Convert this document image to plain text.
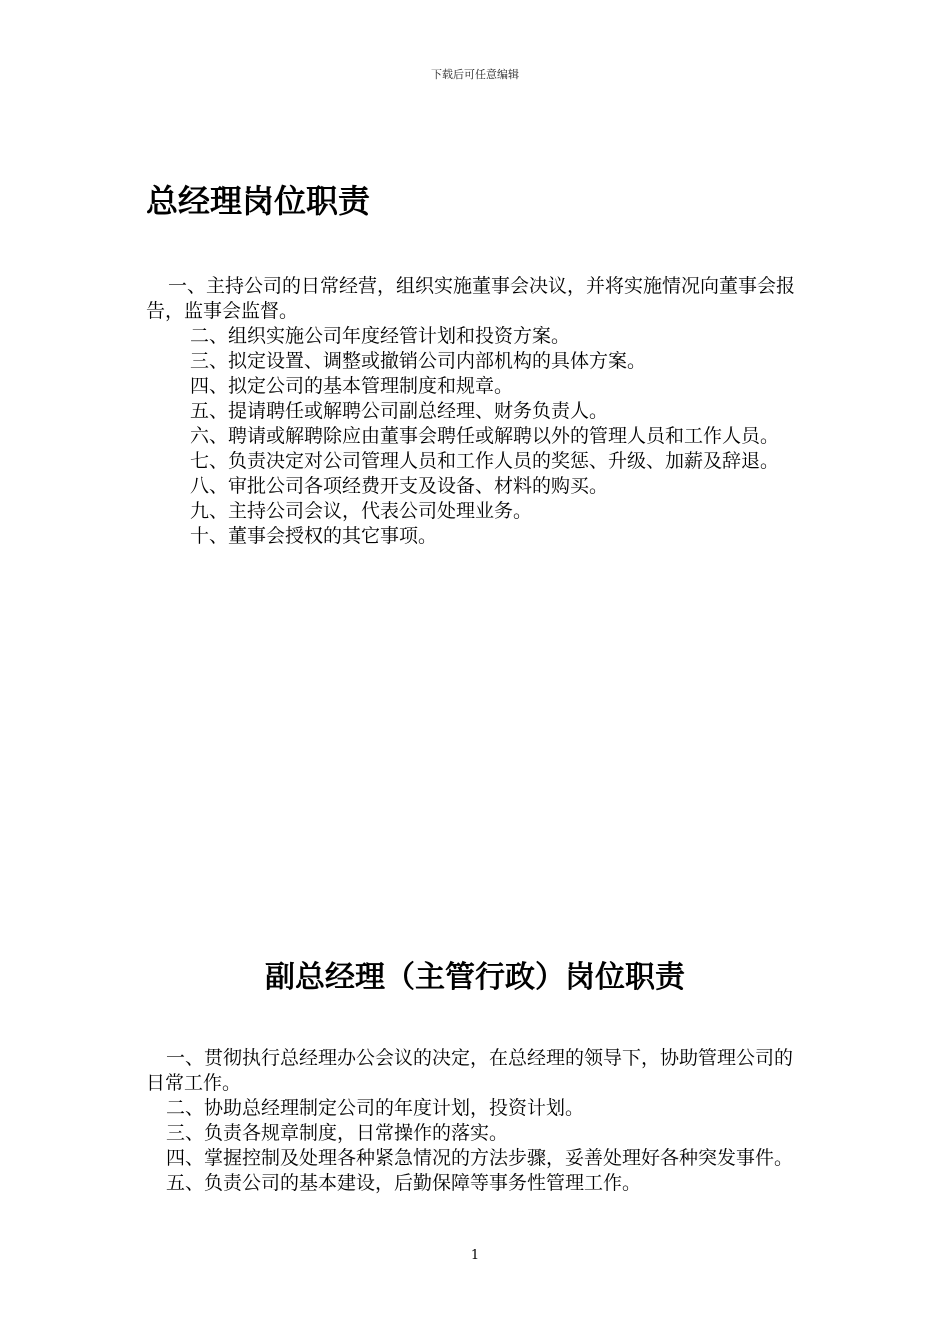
下载后可任意编辑
总经理岗位职责

一、主持公司的日常经营，组织实施董事会决议，并将实施情况向董事会报告，监事会监督。

二、组织实施公司年度经管计划和投资方案。

三、拟定设置、调整或撤销公司内部机构的具体方案。

四、拟定公司的基本管理制度和规章。

五、提请聘任或解聘公司副总经理、财务负责人。

六、聘请或解聘除应由董事会聘任或解聘以外的管理人员和工作人员。

七、负责决定对公司管理人员和工作人员的奖惩、升级、加薪及辞退。

八、审批公司各项经费开支及设备、材料的购买。

九、主持公司会议，代表公司处理业务。

十、董事会授权的其它事项。

副总经理（主管行政）岗位职责

一、贯彻执行总经理办公会议的决定，在总经理的领导下，协助管理公司的日常工作。

二、协助总经理制定公司的年度计划，投资计划。

三、负责各规章制度，日常操作的落实。

四、掌握控制及处理各种紧急情况的方法步骤，妥善处理好各种突发事件。

五、负责公司的基本建设，后勤保障等事务性管理工作。

1
